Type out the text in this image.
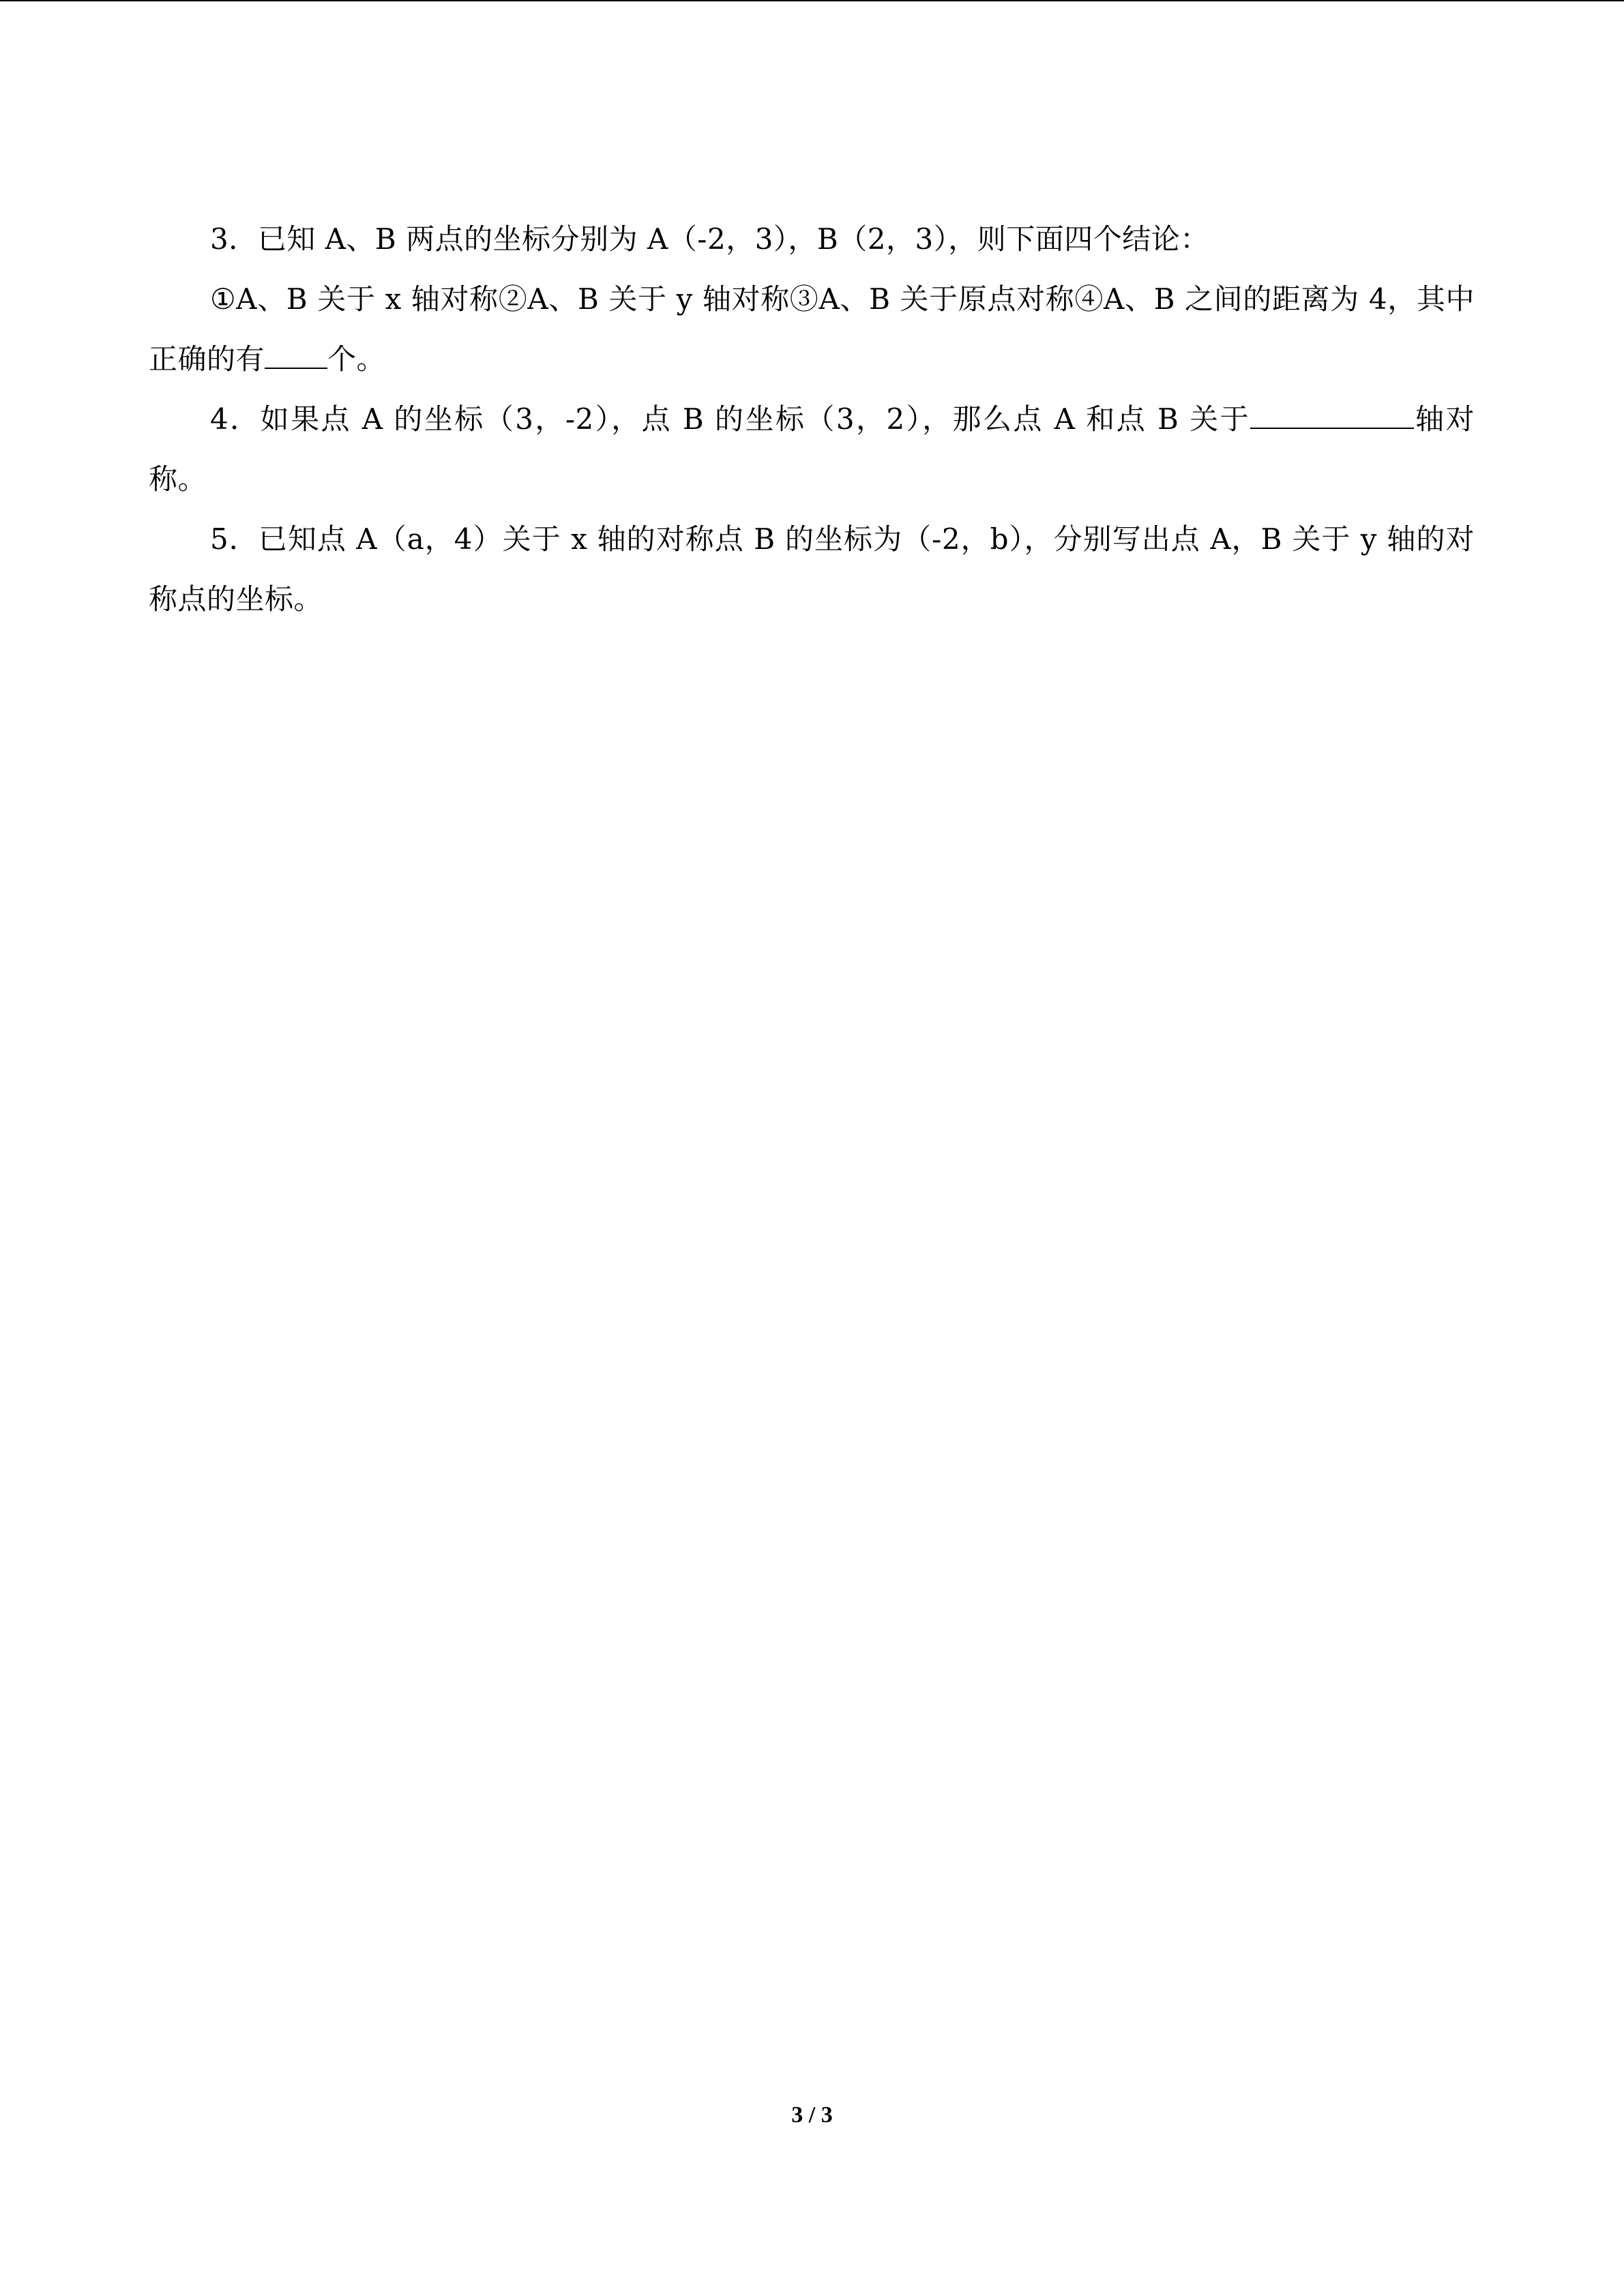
3．已知 A、B 两点的坐标分别为 A（-2，3），B（2，3），则下面四个结论：

①A、B 关于 x 轴对称②A、B 关于 y 轴对称③A、B 关于原点对称④A、B 之间的距离为 4，其中正确的有 个。

4．如果点 A 的坐标（3，-2），点 B 的坐标（3，2），那么点 A 和点 B 关于	轴对称。

5．已知点 A（a，4）关于 x 轴的对称点 B 的坐标为（-2，b），分别写出点 A，B 关于 y 轴的对称点的坐标。

3 / 3
